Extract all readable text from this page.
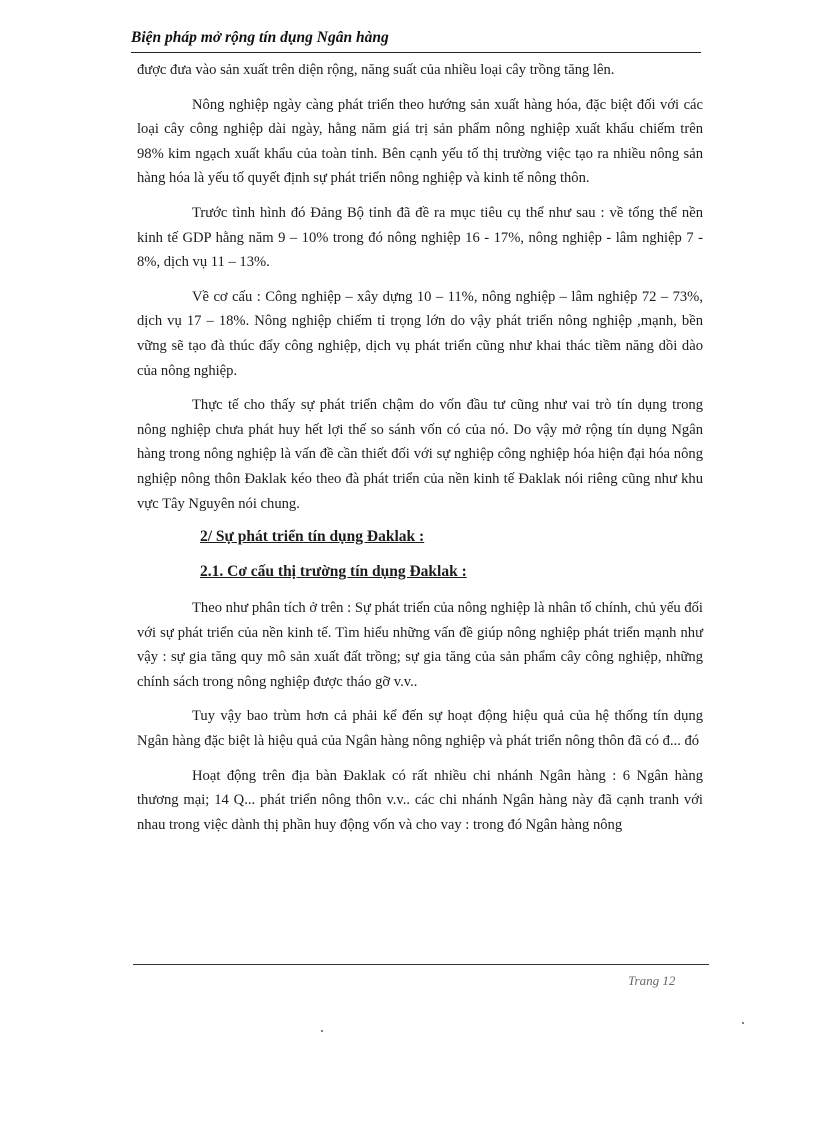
Biện pháp mở rộng tín dụng Ngân hàng

được đưa vào sản xuất trên diện rộng, năng suất của nhiều loại cây trồng tăng lên.

Nông nghiệp ngày càng phát triển theo hướng sản xuất hàng hóa, đặc biệt đối với các loại cây công nghiệp dài ngày, hằng năm giá trị sản phẩm nông nghiệp xuất khẩu chiếm trên 98% kim ngạch xuất khẩu của toàn tỉnh. Bên cạnh yếu tố thị trường việc tạo ra nhiều nông sản hàng hóa là yếu tố quyết định sự phát triển nông nghiệp và kinh tế nông thôn.

Trước tình hình đó Đảng Bộ tỉnh đã đề ra mục tiêu cụ thể như sau : về tổng thể nền kinh tế GDP hằng năm 9 – 10% trong đó nông nghiệp 16 - 17%, nông nghiệp - lâm nghiệp 7 - 8%, dịch vụ 11 – 13%.

Về cơ cấu : Công nghiệp – xây dựng 10 – 11%, nông nghiệp – lâm nghiệp 72 – 73%, dịch vụ 17 – 18%. Nông nghiệp chiếm tỉ trọng lớn do vậy phát triển nông nghiệp ,mạnh, bền vững sẽ tạo đà thúc đẩy công nghiệp, dịch vụ phát triển cũng như khai thác tiềm năng dồi dào của nông nghiệp.

Thực tế cho thấy sự phát triển chậm do vốn đầu tư cũng như vai trò tín dụng trong nông nghiệp chưa phát huy hết lợi thế so sánh vốn có của nó. Do vậy mở rộng tín dụng Ngân hàng trong nông nghiệp là vấn đề cần thiết đối với sự nghiệp công nghiệp hóa hiện đại hóa nông nghiệp nông thôn Đaklak kéo theo đà phát triển của nền kinh tế Đaklak nói riêng cũng như khu vực Tây Nguyên nói chung.

2/ Sự phát triển tín dụng Đaklak :
2.1. Cơ cấu thị trường tín dụng Đaklak :

Theo như phân tích ở trên : Sự phát triển của nông nghiệp là nhân tố chính, chủ yếu đối với sự phát triển của nền kinh tế. Tìm hiểu những vấn đề giúp nông nghiệp phát triển mạnh như vậy : sự gia tăng quy mô sản xuất đất trồng; sự gia tăng của sản phẩm cây công nghiệp, những chính sách trong nông nghiệp được tháo gỡ v.v..

Tuy vậy bao trùm hơn cả phải kể đến sự hoạt động hiệu quả của hệ thống tín dụng Ngân hàng đặc biệt là hiệu quả của Ngân hàng nông nghiệp và phát triển nông thôn đã có đ... đó

Hoạt động trên địa bàn Đaklak có rất nhiều chi nhánh Ngân hàng : 6 Ngân hàng thương mại; 14 Q... phát triển nông thôn v.v.. các chi nhánh Ngân hàng này đã cạnh tranh với nhau trong việc dành thị phần huy động vốn và cho vay : trong đó Ngân hàng nông

Trang 12
